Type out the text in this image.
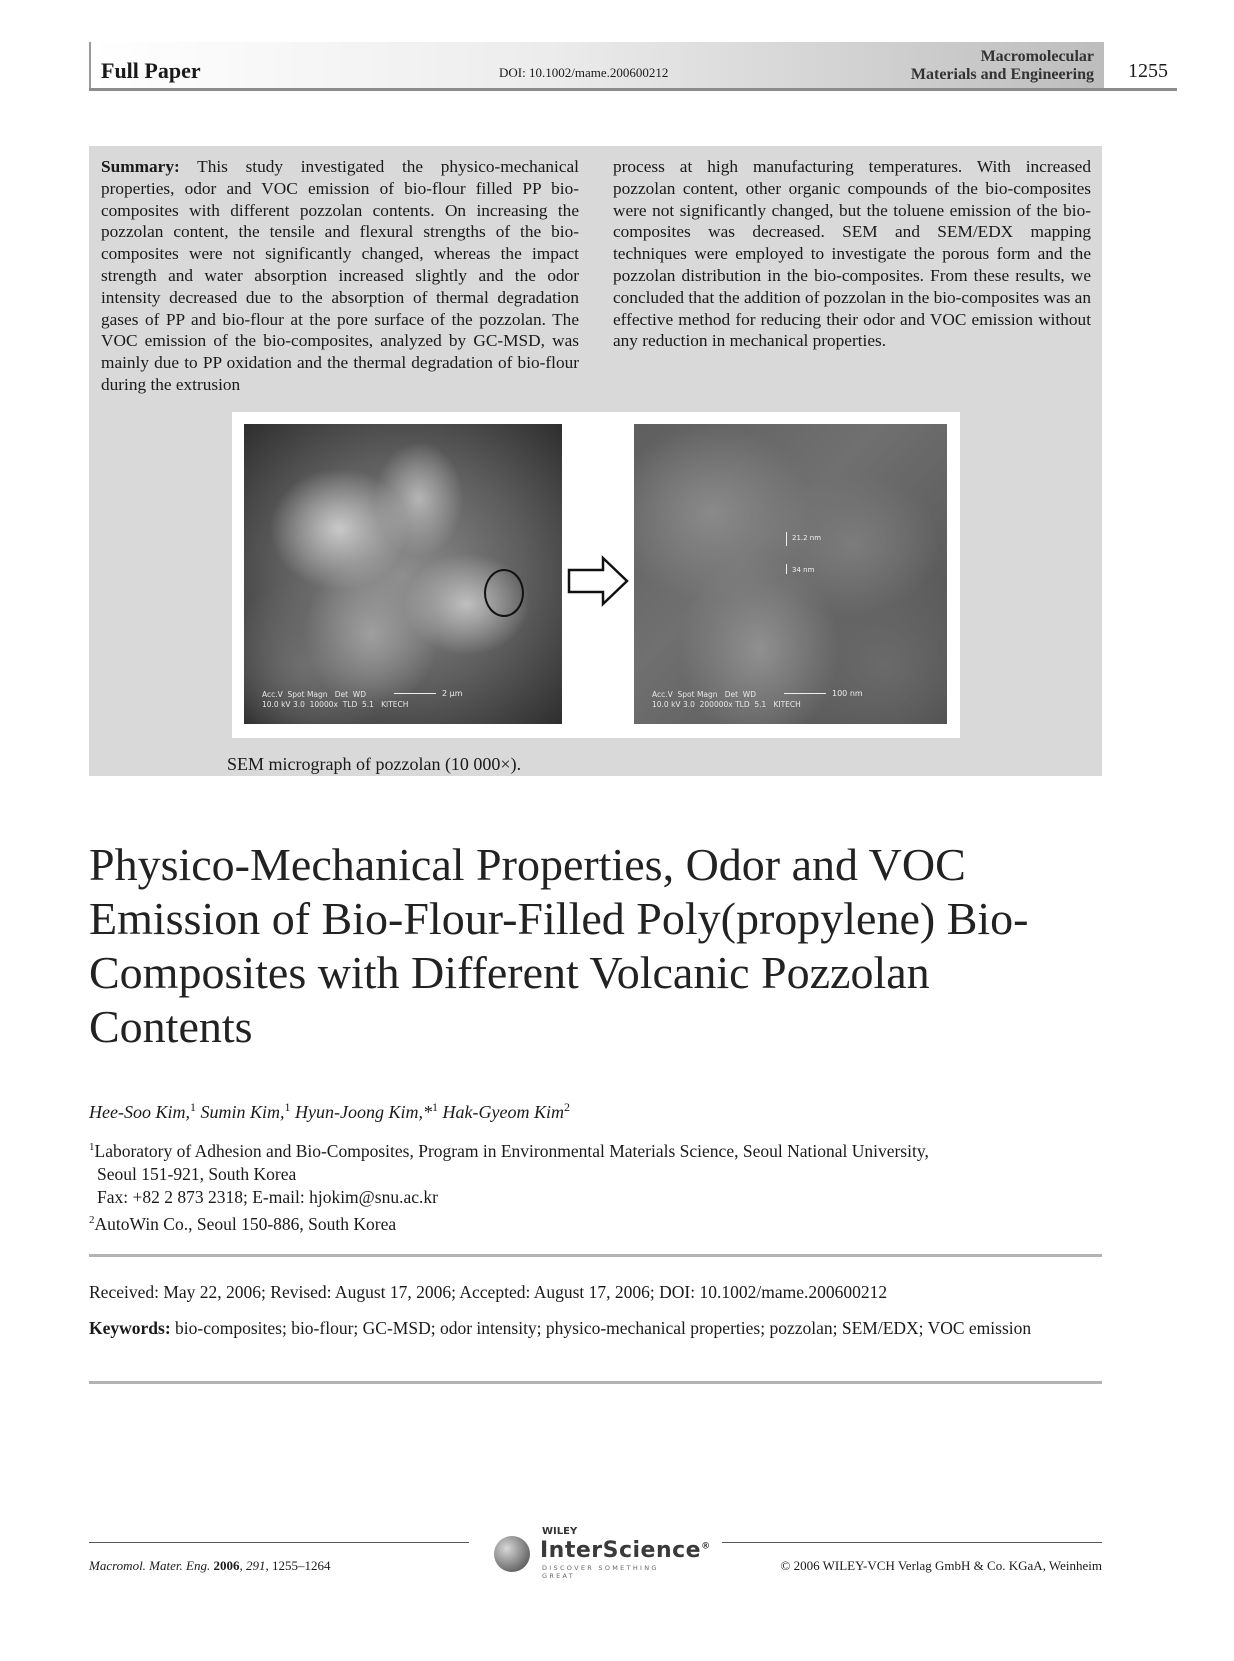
Full Paper	DOI: 10.1002/mame.200600212
Macromolecular
Materials and Engineering 1255
Summary: This study investigated the physico-mechanical properties, odor and VOC emission of bio-flour filled PP bio-composites with different pozzolan contents. On increasing the pozzolan content, the tensile and flexural strengths of the bio-composites were not significantly changed, whereas the impact strength and water absorption increased slightly and the odor intensity decreased due to the absorption of thermal degradation gases of PP and bio-flour at the pore surface of the pozzolan. The VOC emission of the bio-composites, analyzed by GC-MSD, was mainly due to PP oxidation and the thermal degradation of bio-flour during the extrusion
process at high manufacturing temperatures. With increased pozzolan content, other organic compounds of the bio-composites were not significantly changed, but the toluene emission of the bio-composites was decreased. SEM and SEM/EDX mapping techniques were employed to investigate the porous form and the pozzolan distribution in the bio-composites. From these results, we concluded that the addition of pozzolan in the bio-composites was an effective method for reducing their odor and VOC emission without any reduction in mechanical properties.
Acc.V  Spot Magn   Det  WD
10.0 kV 3.0  10000x  TLD  5.1   KITECH
2 µm
21.2 nm
34 nm
Acc.V  Spot Magn   Det  WD
10.0 kV 3.0  200000x TLD  5.1   KITECH
100 nm
SEM micrograph of pozzolan (10 000×).
Physico-Mechanical Properties, Odor and VOC Emission of Bio-Flour-Filled Poly(propylene) Bio-Composites with Different Volcanic Pozzolan Contents
Hee-Soo Kim,$^1$ Sumin Kim,$^1$ Hyun-Joong Kim,*$^1$ Hak-Gyeom Kim$^2$
$^1$Laboratory of Adhesion and Bio-Composites, Program in Environmental Materials Science, Seoul National University,
Seoul 151-921, South Korea
Fax: +82 2 873 2318; E-mail: hjokim@snu.ac.kr
$^2$AutoWin Co., Seoul 150-886, South Korea
Received: May 22, 2006; Revised: August 17, 2006; Accepted: August 17, 2006; DOI: 10.1002/mame.200600212
Keywords: bio-composites; bio-flour; GC-MSD; odor intensity; physico-mechanical properties; pozzolan; SEM/EDX; VOC emission
Macromol. Mater. Eng. 2006, 291, 1255–1264
WILEY
InterScience®
DISCOVER SOMETHING GREAT
© 2006 WILEY-VCH Verlag GmbH & Co. KGaA, Weinheim
